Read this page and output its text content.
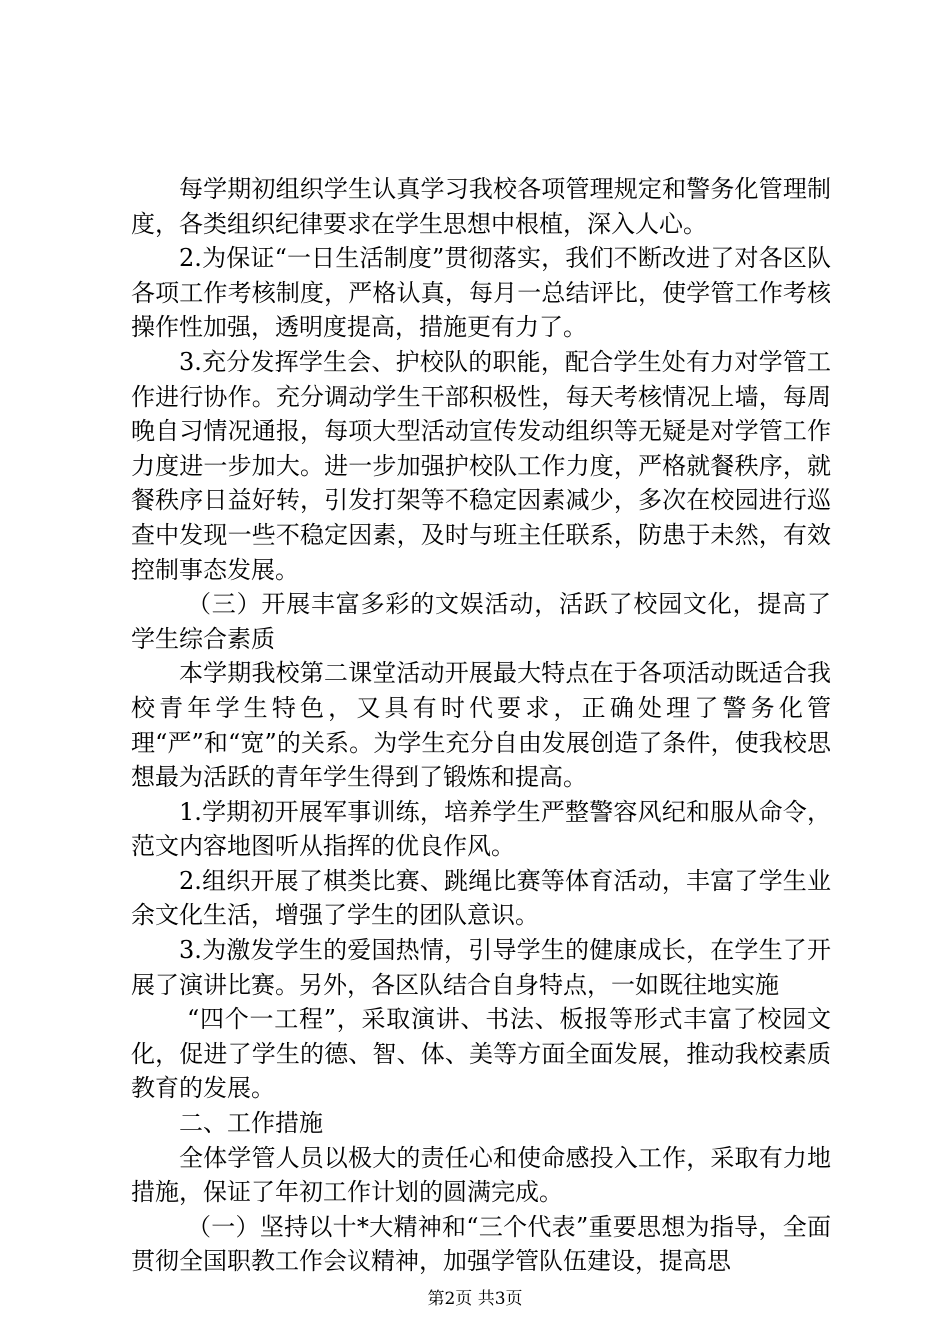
每学期初组织学生认真学习我校各项管理规定和警务化管理制度，各类组织纪律要求在学生思想中根植，深入人心。

2.为保证“一日生活制度”贯彻落实，我们不断改进了对各区队各项工作考核制度，严格认真，每月一总结评比，使学管工作考核操作性加强，透明度提高，措施更有力了。

3.充分发挥学生会、护校队的职能，配合学生处有力对学管工作进行协作。充分调动学生干部积极性，每天考核情况上墙，每周晚自习情况通报，每项大型活动宣传发动组织等无疑是对学管工作力度进一步加大。进一步加强护校队工作力度，严格就餐秩序，就餐秩序日益好转，引发打架等不稳定因素减少，多次在校园进行巡查中发现一些不稳定因素，及时与班主任联系，防患于未然，有效控制事态发展。

（三）开展丰富多彩的文娱活动，活跃了校园文化，提高了学生综合素质

本学期我校第二课堂活动开展最大特点在于各项活动既适合我校青年学生特色，又具有时代要求，正确处理了警务化管理“严”和“宽”的关系。为学生充分自由发展创造了条件，使我校思想最为活跃的青年学生得到了锻炼和提高。

1.学期初开展军事训练，培养学生严整警容风纪和服从命令，范文内容地图听从指挥的优良作风。

2.组织开展了棋类比赛、跳绳比赛等体育活动，丰富了学生业余文化生活，增强了学生的团队意识。

3.为激发学生的爱国热情，引导学生的健康成长，在学生了开展了演讲比赛。另外，各区队结合自身特点，一如既往地实施

“四个一工程”，采取演讲、书法、板报等形式丰富了校园文化，促进了学生的德、智、体、美等方面全面发展，推动我校素质教育的发展。

二、工作措施

全体学管人员以极大的责任心和使命感投入工作，采取有力地措施，保证了年初工作计划的圆满完成。

（一）坚持以十*大精神和“三个代表”重要思想为指导，全面贯彻全国职教工作会议精神，加强学管队伍建设，提高思

第2页 共3页
